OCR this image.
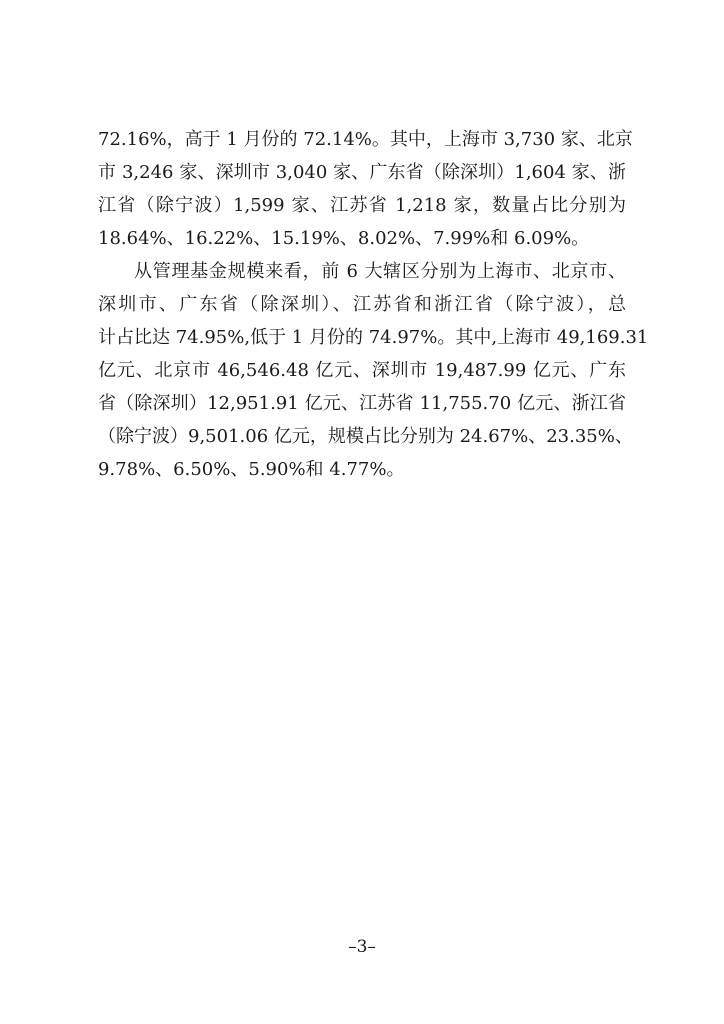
72.16%，高于 1 月份的 72.14%。其中，上海市 3,730 家、北京
市 3,246 家、深圳市 3,040 家、广东省（除深圳）1,604 家、浙
江省（除宁波）1,599 家、江苏省 1,218 家，数量占比分别为
18.64%、16.22%、15.19%、8.02%、7.99%和 6.09%。
从管理基金规模来看，前 6 大辖区分别为上海市、北京市、
深圳市、广东省（除深圳）、江苏省和浙江省（除宁波），总
计占比达 74.95%,低于 1 月份的 74.97%。其中,上海市 49,169.31
亿元、北京市 46,546.48 亿元、深圳市 19,487.99 亿元、广东
省（除深圳）12,951.91 亿元、江苏省 11,755.70 亿元、浙江省
（除宁波）9,501.06 亿元，规模占比分别为 24.67%、23.35%、
9.78%、6.50%、5.90%和 4.77%。
–3–
